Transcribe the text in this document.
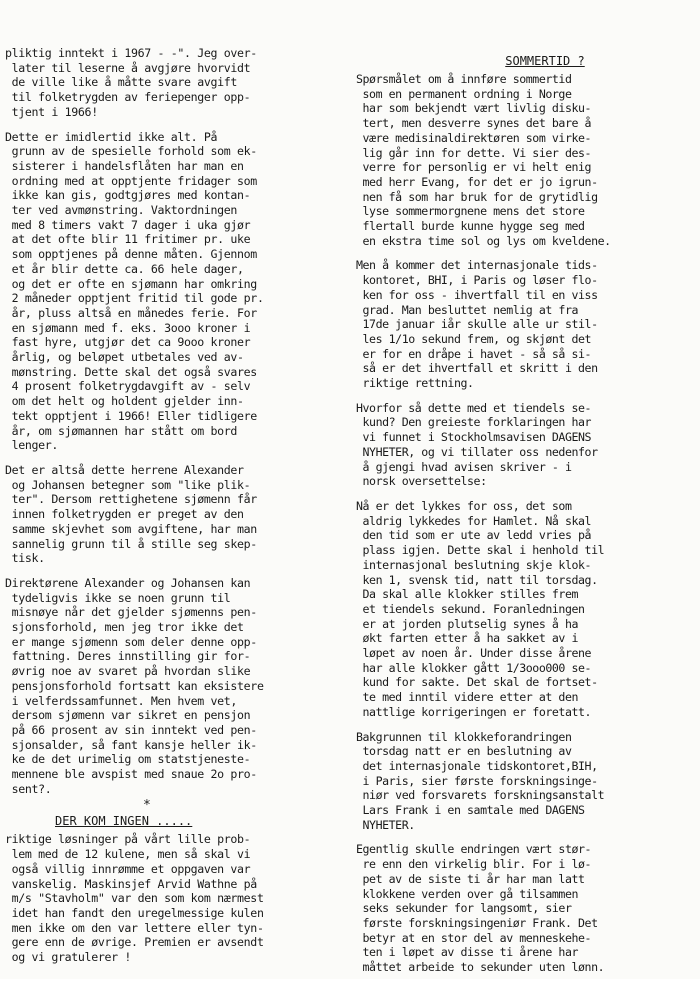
pliktig inntekt i 1967 - -". Jeg over-
later til leserne å avgjøre hvorvidt
de ville like å måtte svare avgift
til folketrygden av feriepenger opp-
tjent i 1966!

Dette er imidlertid ikke alt. På
grunn av de spesielle forhold som ek-
sisterer i handelsflåten har man en
ordning med at opptjente fridager som
ikke kan gis, godtgjøres med kontan-
ter ved avmønstring. Vaktordningen
med 8 timers vakt 7 dager i uka gjør
at det ofte blir 11 fritimer pr. uke
som opptjenes på denne måten. Gjennom
et år blir dette ca. 66 hele dager,
og det er ofte en sjømann har omkring
2 måneder opptjent fritid til gode pr.
år, pluss altså en månedes ferie. For
en sjømann med f. eks. 3ooo kroner i
fast hyre, utgjør det ca 9ooo kroner
årlig, og beløpet utbetales ved av-
mønstring. Dette skal det også svares
4 prosent folketrygdavgift av - selv
om det helt og holdent gjelder inn-
tekt opptjent i 1966! Eller tidligere
år, om sjømannen har stått om bord
lenger.

Det er altså dette herrene Alexander
og Johansen betegner som "like plik-
ter". Dersom rettighetene sjømenn får
innen folketrygden er preget av den
samme skjevhet som avgiftene, har man
sannelig grunn til å stille seg skep-
tisk.

Direktørene Alexander og Johansen kan
tydeligvis ikke se noen grunn til
misnøye når det gjelder sjømenns pen-
sjonsforhold, men jeg tror ikke det
er mange sjømenn som deler denne opp-
fattning. Deres innstilling gir for-
øvrig noe av svaret på hvordan slike
pensjonsforhold fortsatt kan eksistere
i velferdssamfunnet. Men hvem vet,
dersom sjømenn var sikret en pensjon
på 66 prosent av sin inntekt ved pen-
sjonsalder, så fant kansje heller ik-
ke de det urimelig om statstjeneste-
mennene ble avspist med snaue 2o pro-
sent?.

*
DER KOM INGEN .....

riktige løsninger på vårt lille prob-
lem med de 12 kulene, men så skal vi
også villig innrømme et oppgaven var
vanskelig. Maskinsjef Arvid Wathne på
m/s "Stavholm" var den som kom nærmest
idet han fandt den uregelmessige kulen
men ikke om den var lettere eller tyn-
gere enn de øvrige. Premien er avsendt
og vi gratulerer !

SOMMERTID ?

Spørsmålet om å innføre sommertid
som en permanent ordning i Norge
har som bekjendt vært livlig disku-
tert, men desverre synes det bare å
være medisinaldirektøren som virke-
lig går inn for dette. Vi sier des-
verre for personlig er vi helt enig
med herr Evang, for det er jo igrun-
nen få som har bruk for de grytidlig
lyse sommermorgnene mens det store
flertall burde kunne hygge seg med
en ekstra time sol og lys om kveldene.

Men å kommer det internasjonale tids-
kontoret, BHI, i Paris og løser flo-
ken for oss - ihvertfall til en viss
grad. Man besluttet nemlig at fra
17de januar iår skulle alle ur stil-
les 1/1o sekund frem, og skjønt det
er for en dråpe i havet - så så si-
så er det ihvertfall et skritt i den
riktige rettning.

Hvorfor så dette med et tiendels se-
kund? Den greieste forklaringen har
vi funnet i Stockholmsavisen DAGENS
NYHETER, og vi tillater oss nedenfor
å gjengi hvad avisen skriver - i
norsk oversettelse:

Nå er det lykkes for oss, det som
aldrig lykkedes for Hamlet. Nå skal
den tid som er ute av ledd vries på
plass igjen. Dette skal i henhold til
internasjonal beslutning skje klok-
ken 1, svensk tid, natt til torsdag.
Da skal alle klokker stilles frem
et tiendels sekund. Foranledningen
er at jorden plutselig synes å ha
økt farten etter å ha sakket av i
løpet av noen år. Under disse årene
har alle klokker gått 1/3ooo000 se-
kund for sakte. Det skal de fortset-
te med inntil videre etter at den
nattlige korrigeringen er foretatt.

Bakgrunnen til klokkeforandringen
torsdag natt er en beslutning av
det internasjonale tidskontoret,BIH,
i Paris, sier første forskningsinge-
niør ved forsvarets forskningsanstalt
Lars Frank i en samtale med DAGENS
NYHETER.

Egentlig skulle endringen vært stør-
re enn den virkelig blir. For i lø-
pet av de siste ti år har man latt
klokkene verden over gå tilsammen
seks sekunder for langsomt, sier
første forskningsingeniør Frank. Det
betyr at en stor del av menneskehe-
ten i løpet av disse ti årene har
måttet arbeide to sekunder uten lønn.
